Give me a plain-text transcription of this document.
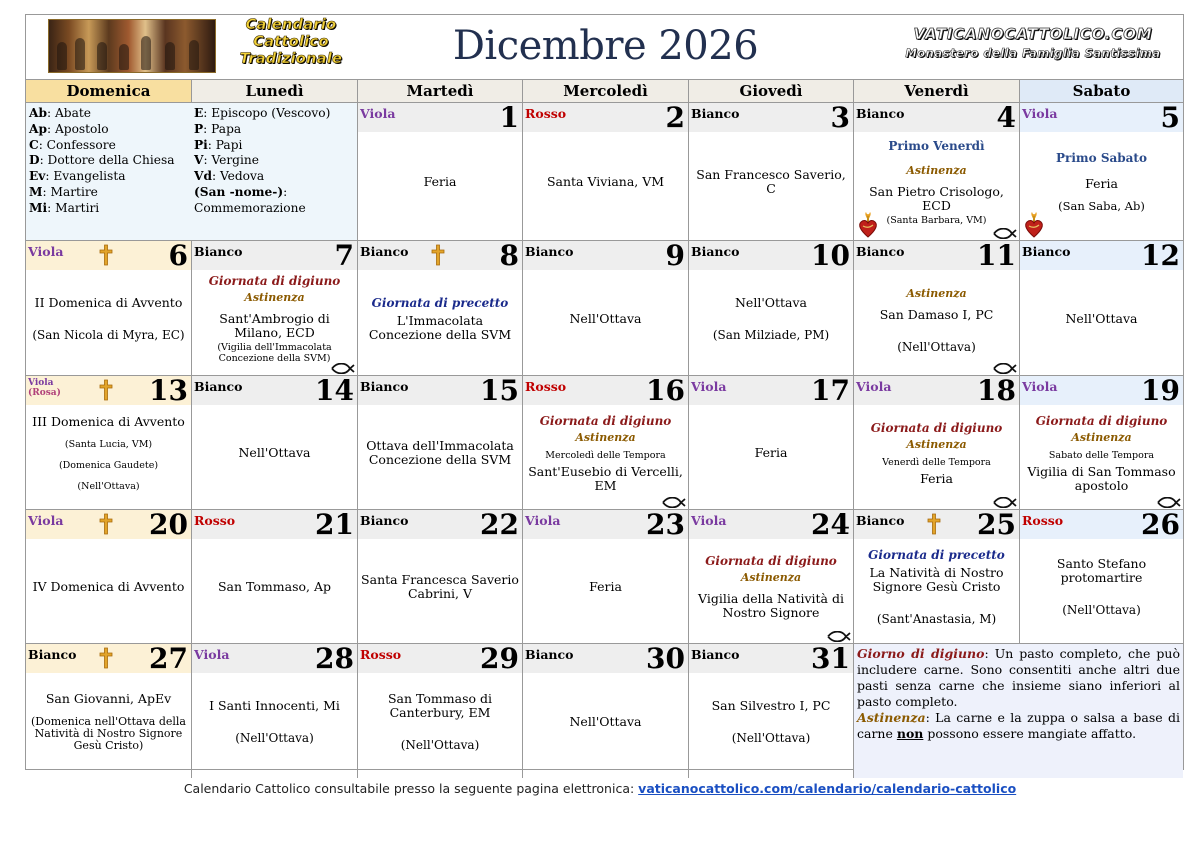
Calendario
Cattolico
Tradizionale	Dicembre 2026	VATICANOCATTOLICO.COM
Monastero della Famiglia Santissima
Domenica	Lunedì	Martedì	Mercoledì	Giovedì	Venerdì	Sabato
Ab: Abate
Ap: Apostolo
C: Confessore
D: Dottore della Chiesa
Ev: Evangelista
M: Martire
Mi: Martiri
E: Episcopo (Vescovo)
P: Papa
Pi: Papi
V: Vergine
Vd: Vedova
(San -nome-): Commemorazione
Viola	1
Feria
Rosso	2
Santa Viviana, VM
Bianco	3
San Francesco Saverio, C
Bianco	4
Primo Venerdì
Astinenza
San Pietro Crisologo, ECD
(Santa Barbara, VM)
Viola	5
Primo Sabato
Feria
(San Saba, Ab)
Viola	6
II Domenica di Avvento
(San Nicola di Myra, EC)
Bianco	7
Giornata di digiuno
Astinenza
Sant'Ambrogio di Milano, ECD
(Vigilia dell'Immacolata Concezione della SVM)
Bianco	8
Giornata di precetto
L'Immacolata Concezione della SVM
Bianco	9
Nell'Ottava
Bianco	10
Nell'Ottava
(San Milziade, PM)
Bianco	11
Astinenza
San Damaso I, PC
(Nell'Ottava)
Bianco	12
Nell'Ottava
Viola
(Rosa)	13
III Domenica di Avvento
(Santa Lucia, VM)
(Domenica Gaudete)
(Nell'Ottava)
Bianco	14
Nell'Ottava
Bianco	15
Ottava dell'Immacolata Concezione della SVM
Rosso	16
Giornata di digiuno
Astinenza
Mercoledì delle Tempora
Sant'Eusebio di Vercelli, EM
Viola	17
Feria
Viola	18
Giornata di digiuno
Astinenza
Venerdì delle Tempora
Feria
Viola	19
Giornata di digiuno
Astinenza
Sabato delle Tempora
Vigilia di San Tommaso apostolo
Viola	20
IV Domenica di Avvento
Rosso	21
San Tommaso, Ap
Bianco	22
Santa Francesca Saverio Cabrini, V
Viola	23
Feria
Viola	24
Giornata di digiuno
Astinenza
Vigilia della Natività di Nostro Signore
Bianco	25
Giornata di precetto
La Natività di Nostro Signore Gesù Cristo
(Sant'Anastasia, M)
Rosso	26
Santo Stefano protomartire
(Nell'Ottava)
Bianco	27
San Giovanni, ApEv
(Domenica nell'Ottava della Natività di Nostro Signore Gesù Cristo)
Viola	28
I Santi Innocenti, Mi
(Nell'Ottava)
Rosso	29
San Tommaso di Canterbury, EM
(Nell'Ottava)
Bianco	30
Nell'Ottava
Bianco	31
San Silvestro I, PC
(Nell'Ottava)
Giorno di digiuno: Un pasto completo, che può includere carne. Sono consentiti anche altri due pasti senza carne che insieme siano inferiori al pasto completo.
Astinenza: La carne e la zuppa o salsa a base di carne non possono essere mangiate affatto.
Calendario Cattolico consultabile presso la seguente pagina elettronica: vaticanocattolico.com/calendario/calendario-cattolico
